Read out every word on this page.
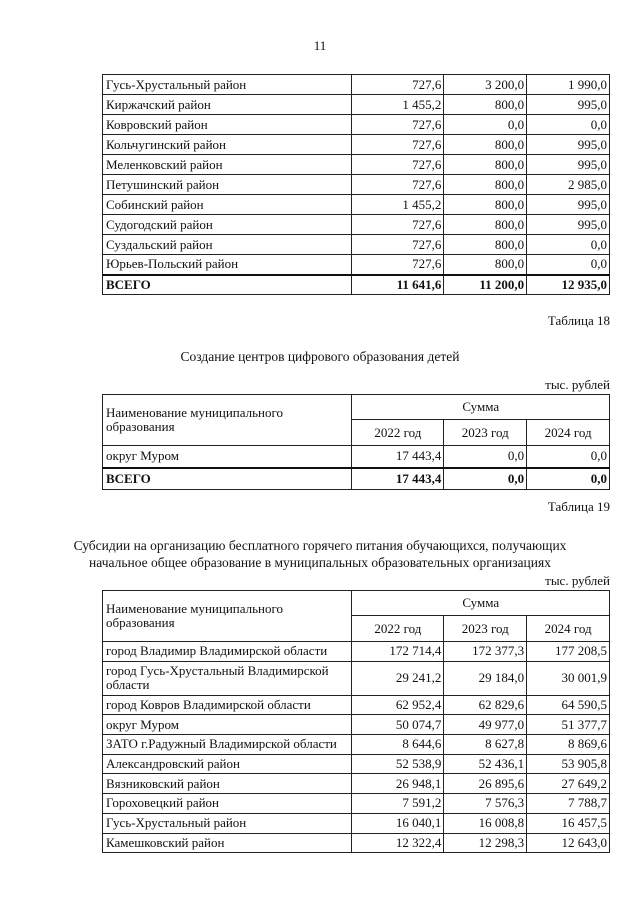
11
Гусь-Хрустальный район	727,6	3 200,0	1 990,0
Киржачский район	1 455,2	800,0	995,0
Ковровский район	727,6	0,0	0,0
Кольчугинский район	727,6	800,0	995,0
Меленковский район	727,6	800,0	995,0
Петушинский район	727,6	800,0	2 985,0
Собинский район	1 455,2	800,0	995,0
Судогодский район	727,6	800,0	995,0
Суздальский район	727,6	800,0	0,0
Юрьев-Польский район	727,6	800,0	0,0
ВСЕГО	11 641,6	11 200,0	12 935,0
Таблица 18
Создание центров цифрового образования детей
тыс. рублей
Наименование муниципального образования	Сумма		
	2022 год	2023 год	2024 год
округ Муром	17 443,4	0,0	0,0
ВСЕГО	17 443,4	0,0	0,0
Таблица 19
Субсидии на организацию бесплатного горячего питания обучающихся, получающих
начальное общее образование в муниципальных образовательных организациях
тыс. рублей
Наименование муниципального образования	Сумма		
	2022 год	2023 год	2024 год
город Владимир Владимирской области	172 714,4	172 377,3	177 208,5
город Гусь-Хрустальный Владимирской области	29 241,2	29 184,0	30 001,9
город Ковров Владимирской области	62 952,4	62 829,6	64 590,5
округ Муром	50 074,7	49 977,0	51 377,7
ЗАТО г.Радужный Владимирской области	8 644,6	8 627,8	8 869,6
Александровский район	52 538,9	52 436,1	53 905,8
Вязниковский район	26 948,1	26 895,6	27 649,2
Гороховецкий район	7 591,2	7 576,3	7 788,7
Гусь-Хрустальный район	16 040,1	16 008,8	16 457,5
Камешковский район	12 322,4	12 298,3	12 643,0
